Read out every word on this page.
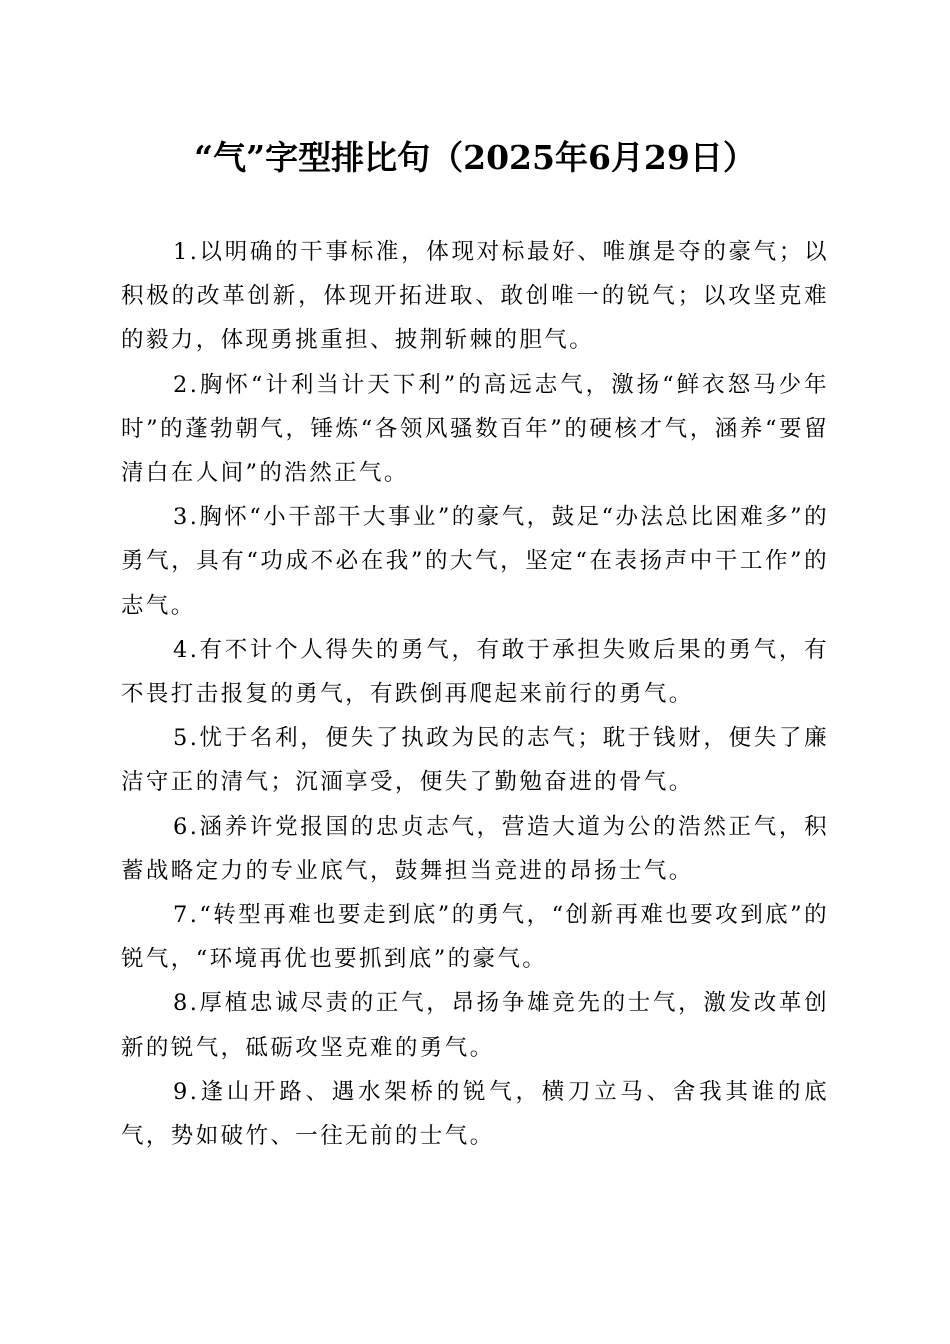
“气”字型排比句（2025年6月29日）

1.以明确的干事标准，体现对标最好、唯旗是夺的豪气；以积极的改革创新，体现开拓进取、敢创唯一的锐气；以攻坚克难的毅力，体现勇挑重担、披荆斩棘的胆气。

2.胸怀“计利当计天下利”的高远志气，激扬“鲜衣怒马少年时”的蓬勃朝气，锤炼“各领风骚数百年”的硬核才气，涵养“要留清白在人间”的浩然正气。

3.胸怀“小干部干大事业”的豪气，鼓足“办法总比困难多”的勇气，具有“功成不必在我”的大气，坚定“在表扬声中干工作”的志气。

4.有不计个人得失的勇气，有敢于承担失败后果的勇气，有不畏打击报复的勇气，有跌倒再爬起来前行的勇气。

5.忧于名利，便失了执政为民的志气；耽于钱财，便失了廉洁守正的清气；沉湎享受，便失了勤勉奋进的骨气。

6.涵养许党报国的忠贞志气，营造大道为公的浩然正气，积蓄战略定力的专业底气，鼓舞担当竞进的昂扬士气。

7.“转型再难也要走到底”的勇气，“创新再难也要攻到底”的锐气，“环境再优也要抓到底”的豪气。

8.厚植忠诚尽责的正气，昂扬争雄竞先的士气，激发改革创新的锐气，砥砺攻坚克难的勇气。

9.逢山开路、遇水架桥的锐气，横刀立马、舍我其谁的底气，势如破竹、一往无前的士气。
